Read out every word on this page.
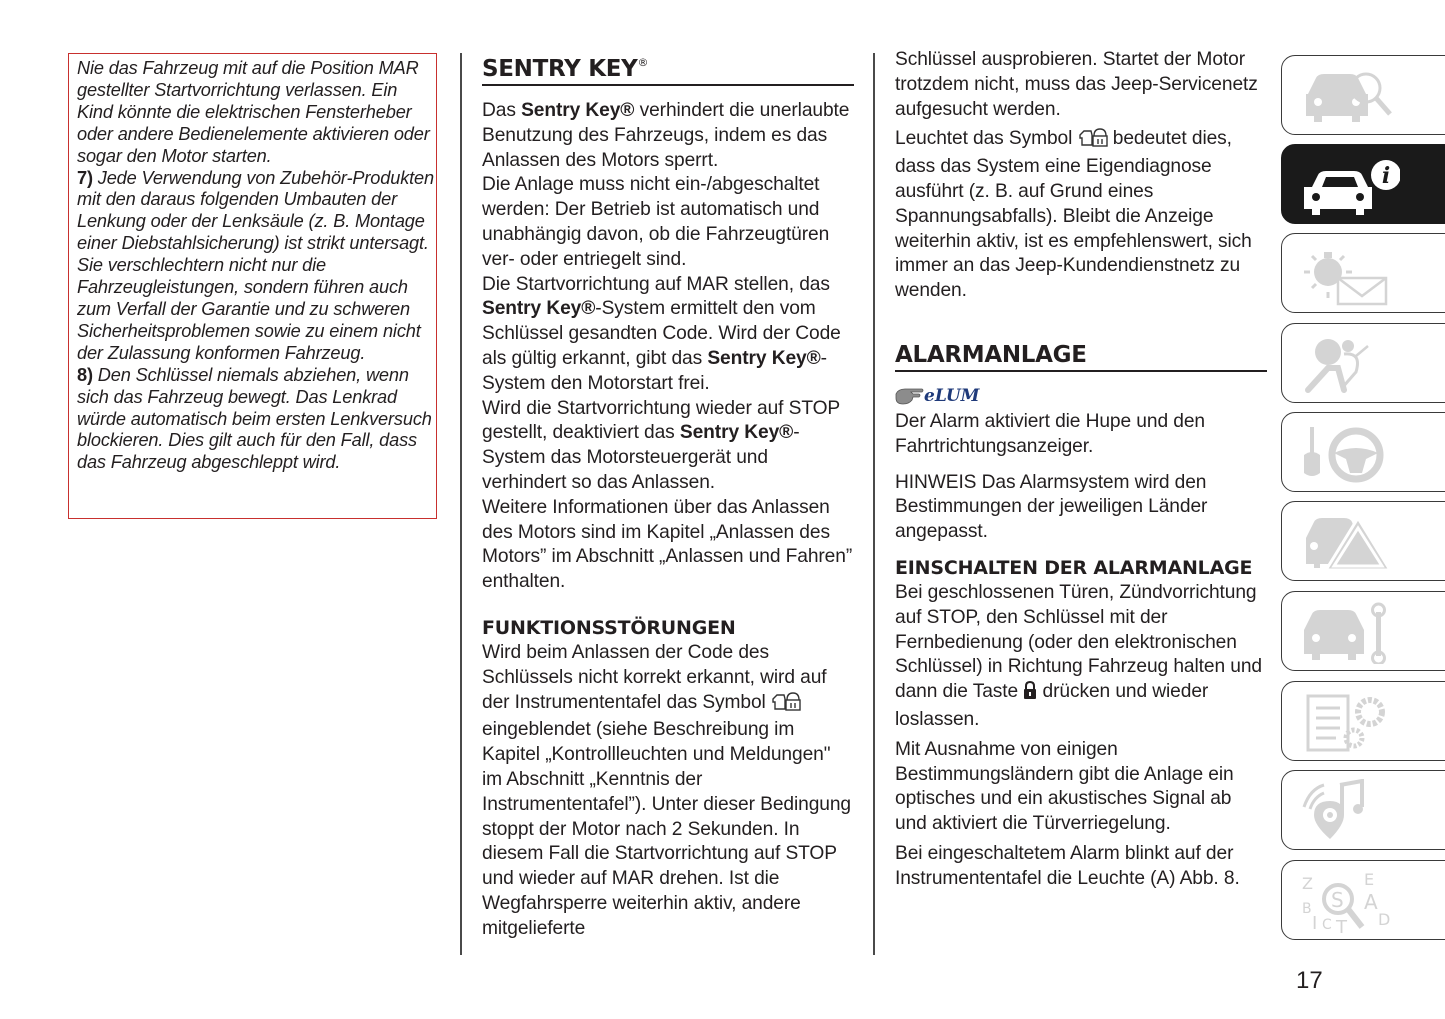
Nie das Fahrzeug mit auf die Position MAR gestellter Startvorrichtung verlassen. Ein Kind könnte die elektrischen Fensterheber oder andere Bedienelemente aktivieren oder sogar den Motor starten.
7) Jede Verwendung von Zubehör-Produkten mit den daraus folgenden Umbauten der Lenkung oder der Lenksäule (z. B. Montage einer Diebstahlsicherung) ist strikt untersagt. Sie verschlechtern nicht nur die Fahrzeugleistungen, sondern führen auch zum Verfall der Garantie und zu schweren Sicherheitsproblemen sowie zu einem nicht der Zulassung konformen Fahrzeug.
8) Den Schlüssel niemals abziehen, wenn sich das Fahrzeug bewegt. Das Lenkrad würde automatisch beim ersten Lenkversuch blockieren. Dies gilt auch für den Fall, dass das Fahrzeug abgeschleppt wird.

SENTRY KEY®

Das Sentry Key® verhindert die unerlaubte Benutzung des Fahrzeugs, indem es das Anlassen des Motors sperrt.

Die Anlage muss nicht ein-/abgeschaltet werden: Der Betrieb ist automatisch und unabhängig davon, ob die Fahrzeugtüren ver- oder entriegelt sind.

Die Startvorrichtung auf MAR stellen, das Sentry Key®-System ermittelt den vom Schlüssel gesandten Code. Wird der Code als gültig erkannt, gibt das Sentry Key®-System den Motorstart frei.

Wird die Startvorrichtung wieder auf STOP gestellt, deaktiviert das Sentry Key®-System das Motorsteuergerät und verhindert so das Anlassen.

Weitere Informationen über das Anlassen des Motors sind im Kapitel „Anlassen des Motors” im Abschnitt „Anlassen und Fahren” enthalten.

FUNKTIONSSTÖRUNGEN

Wird beim Anlassen der Code des Schlüssels nicht korrekt erkannt, wird auf der Instrumententafel das Symbol  eingeblendet (siehe Beschreibung im Kapitel „Kontrollleuchten und Meldungen" im Abschnitt „Kenntnis der Instrumententafel”). Unter dieser Bedingung stoppt der Motor nach 2 Sekunden. In diesem Fall die Startvorrichtung auf STOP und wieder auf MAR drehen. Ist die Wegfahrsperre weiterhin aktiv, andere mitgelieferte

Schlüssel ausprobieren. Startet der Motor trotzdem nicht, muss das Jeep-Servicenetz aufgesucht werden.

Leuchtet das Symbol  bedeutet dies, dass das System eine Eigendiagnose ausführt (z. B. auf Grund eines Spannungsabfalls). Bleibt die Anzeige weiterhin aktiv, ist es empfehlenswert, sich immer an das Jeep-Kundendienstnetz zu wenden.

ALARMANLAGE
eLUM

Der Alarm aktiviert die Hupe und den Fahrtrichtungsanzeiger.

HINWEIS Das Alarmsystem wird den Bestimmungen der jeweiligen Länder angepasst.

EINSCHALTEN DER ALARMANLAGE

Bei geschlossenen Türen, Zündvorrichtung auf STOP, den Schlüssel mit der Fernbedienung (oder den elektronischen Schlüssel) in Richtung Fahrzeug halten und dann die Taste  drücken und wieder loslassen.

Mit Ausnahme von einigen Bestimmungsländern gibt die Anlage ein optisches und ein akustisches Signal ab und aktiviert die Türverriegelung.

Bei eingeschaltetem Alarm blinkt auf der Instrumententafel die Leuchte (A) Abb. 8.

i
Z
B
I C T
E
A
D
S
17
